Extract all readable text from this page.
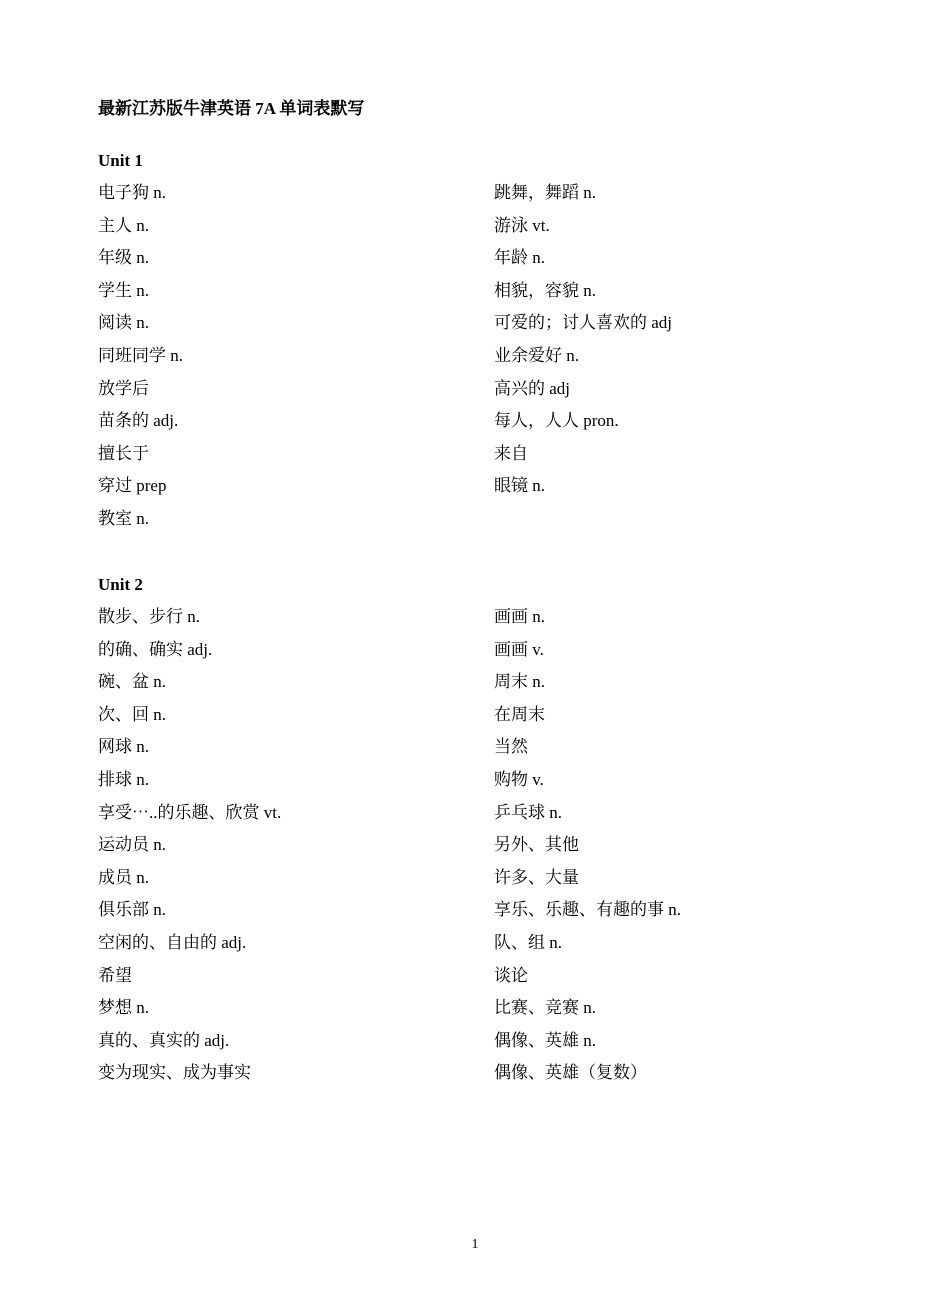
最新江苏版牛津英语 7A 单词表默写
Unit 1
电子狗 n.	跳舞，舞蹈 n.
主人 n.	游泳 vt.
年级 n.	年龄 n.
学生 n.	相貌，容貌 n.
阅读 n.	可爱的；讨人喜欢的 adj
同班同学 n.	业余爱好 n.
放学后	高兴的 adj
苗条的 adj.	每人，人人 pron.
擅长于	来自
穿过 prep	眼镜 n.
教室 n.
Unit 2
散步、步行 n.	画画 n.
的确、确实 adj.	画画 v.
碗、盆 n.	周末 n.
次、回 n.	在周末
网球 n.	当然
排球 n.	购物 v.
享受⋯..的乐趣、欣赏 vt.	乒乓球 n.
运动员 n.	另外、其他
成员 n.	许多、大量
俱乐部 n.	享乐、乐趣、有趣的事 n.
空闲的、自由的 adj.	队、组 n.
希望	谈论
梦想 n.	比赛、竞赛 n.
真的、真实的 adj.	偶像、英雄 n.
变为现实、成为事实	偶像、英雄（复数）
1
